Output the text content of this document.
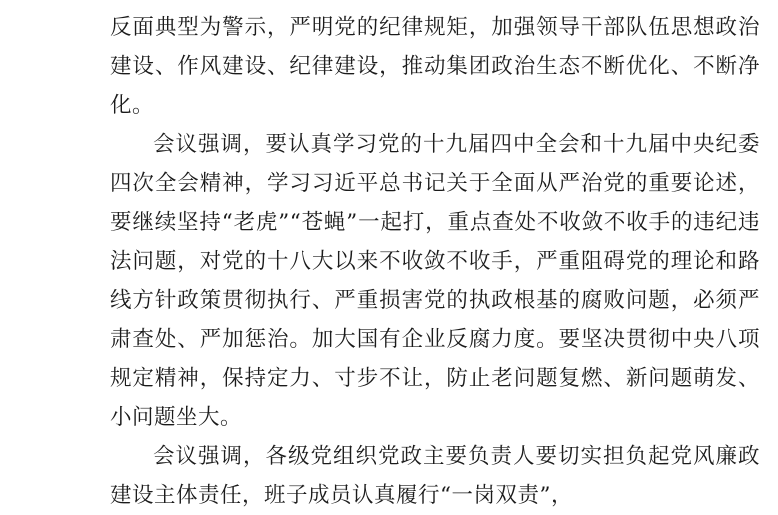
反面典型为警示，严明党的纪律规矩，加强领导干部队伍思想政治建设、作风建设、纪律建设，推动集团政治生态不断优化、不断净化。

会议强调，要认真学习党的十九届四中全会和十九届中央纪委四次全会精神，学习习近平总书记关于全面从严治党的重要论述，要继续坚持“老虎”“苍蝇”一起打，重点查处不收敛不收手的违纪违法问题，对党的十八大以来不收敛不收手，严重阻碍党的理论和路线方针政策贯彻执行、严重损害党的执政根基的腐败问题，必须严肃查处、严加惩治。加大国有企业反腐力度。要坚决贯彻中央八项规定精神，保持定力、寸步不让，防止老问题复燃、新问题萌发、小问题坐大。

会议强调，各级党组织党政主要负责人要切实担负起党风廉政建设主体责任，班子成员认真履行“一岗双责”，
